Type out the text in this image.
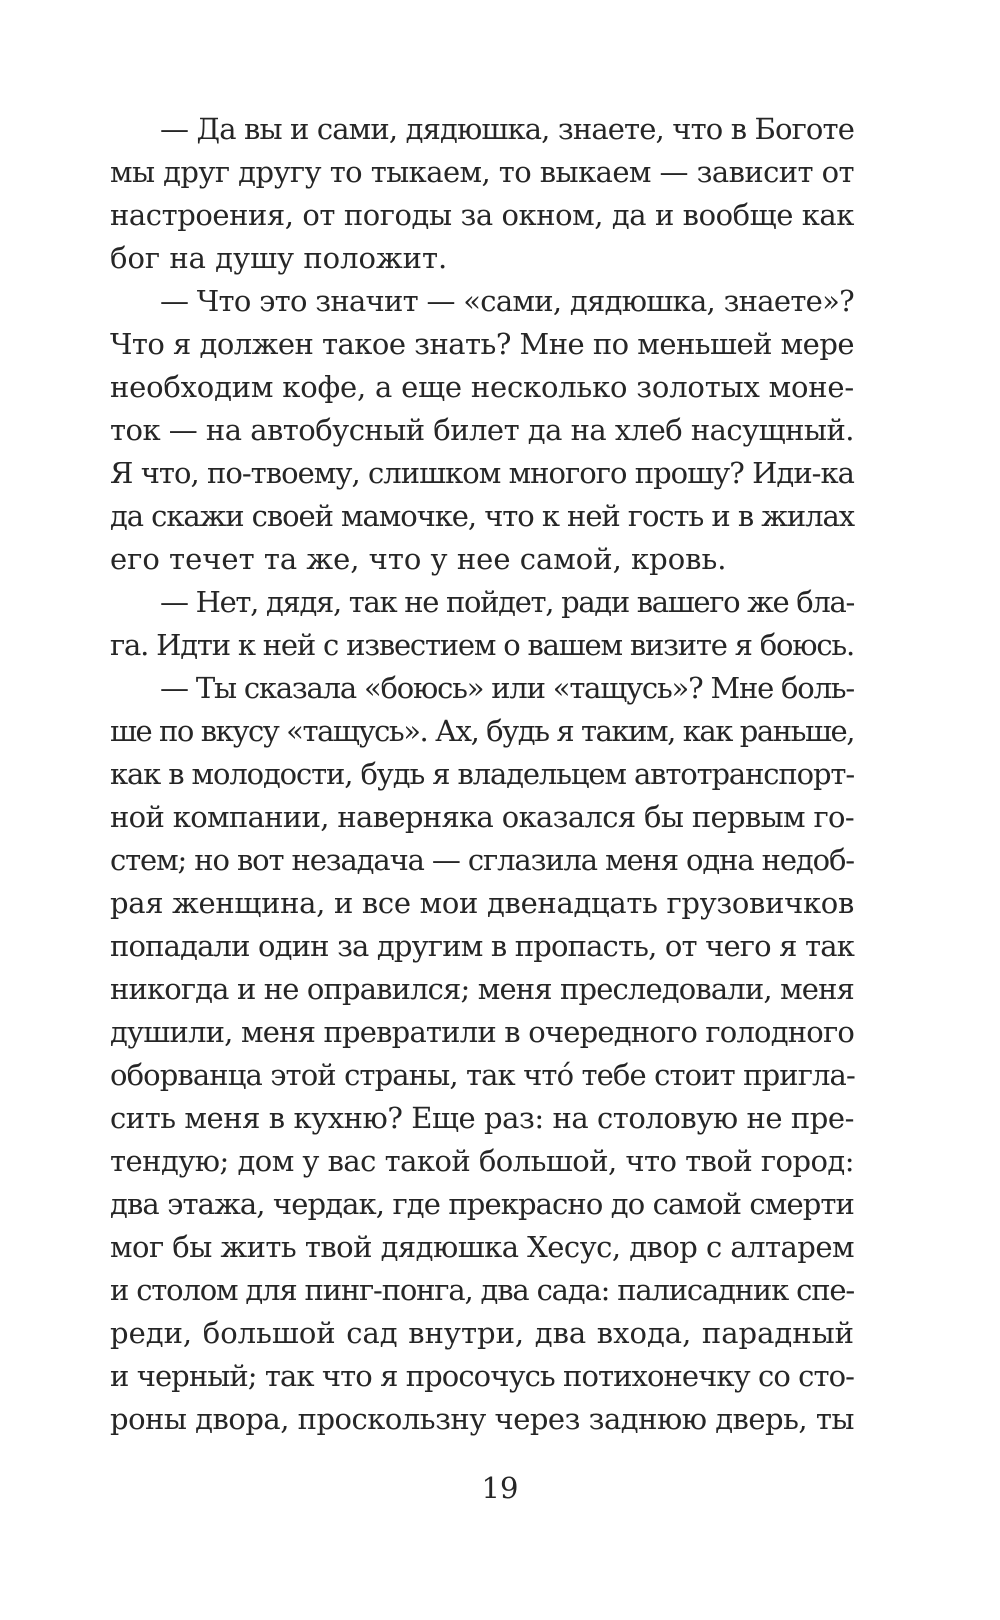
— Да вы и сами, дядюшка, знаете, что в Боготе
мы друг другу то тыкаем, то выкаем — зависит от
настроения, от погоды за окном, да и вообще как
бог на душу положит.
— Что это значит — «сами, дядюшка, знаете»?
Что я должен такое знать? Мне по меньшей мере
необходим кофе, а еще несколько золотых моне-
ток — на автобусный билет да на хлеб насущный.
Я что, по-твоему, слишком многого прошу? Иди-ка
да скажи своей мамочке, что к ней гость и в жилах
его течет та же, что у нее самой, кровь.
— Нет, дядя, так не пойдет, ради вашего же бла-
га. Идти к ней с известием о вашем визите я боюсь.
— Ты сказала «боюсь» или «тащусь»? Мне боль-
ше по вкусу «тащусь». Ах, будь я таким, как раньше,
как в молодости, будь я владельцем автотранспорт-
ной компании, наверняка оказался бы первым го-
стем; но вот незадача — сглазила меня одна недоб-
рая женщина, и все мои двенадцать грузовичков
попадали один за другим в пропасть, от чего я так
никогда и не оправился; меня преследовали, меня
душили, меня превратили в очередного голодного
оборванца этой страны, так что́ тебе стоит пригла-
сить меня в кухню? Еще раз: на столовую не пре-
тендую; дом у вас такой большой, что твой город:
два этажа, чердак, где прекрасно до самой смерти
мог бы жить твой дядюшка Хесус, двор с алтарем
и столом для пинг-понга, два сада: палисадник спе-
реди, большой сад внутри, два входа, парадный
и черный; так что я просочусь потихонечку со сто-
роны двора, проскользну через заднюю дверь, ты
19
